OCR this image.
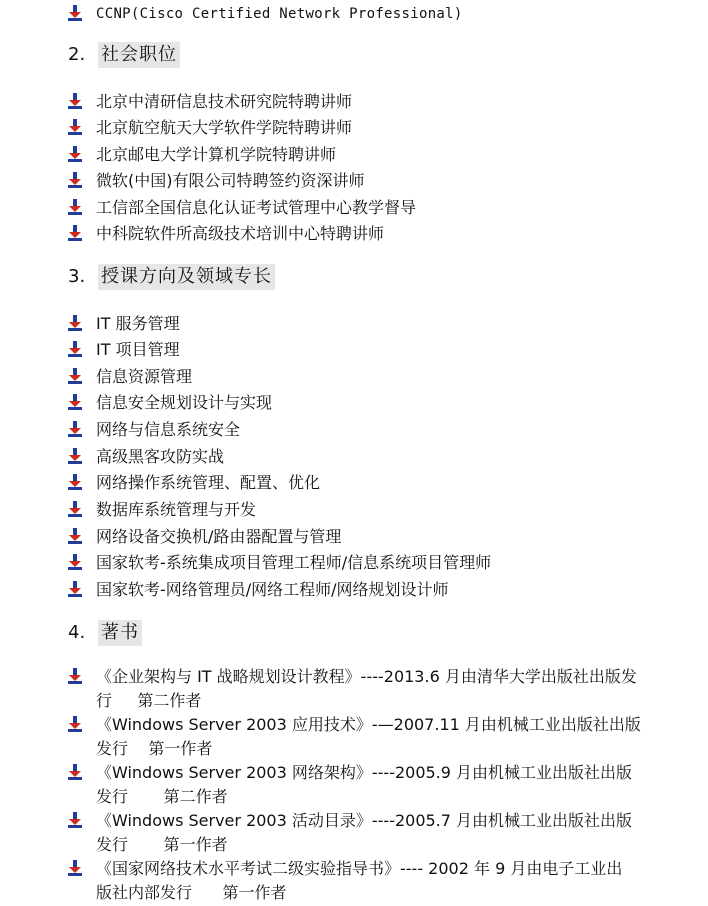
CCNP(Cisco Certified Network Professional)
2. 社会职位
北京中清研信息技术研究院特聘讲师
北京航空航天大学软件学院特聘讲师
北京邮电大学计算机学院特聘讲师
微软(中国)有限公司特聘签约资深讲师
工信部全国信息化认证考试管理中心教学督导
中科院软件所高级技术培训中心特聘讲师
3. 授课方向及领域专长
IT 服务管理
IT 项目管理
信息资源管理
信息安全规划设计与实现
网络与信息系统安全
高级黑客攻防实战
网络操作系统管理、配置、优化
数据库系统管理与开发
网络设备交换机/路由器配置与管理
国家软考-系统集成项目管理工程师/信息系统项目管理师
国家软考-网络管理员/网络工程师/网络规划设计师
4. 著书
《企业架构与 IT 战略规划设计教程》----2013.6 月由清华大学出版社出版发
行     第二作者
《Windows Server 2003 应用技术》-—2007.11 月由机械工业出版社出版
发行    第一作者
《Windows Server 2003 网络架构》----2005.9 月由机械工业出版社出版
发行       第二作者
《Windows Server 2003 活动目录》----2005.7 月由机械工业出版社出版
发行       第一作者
《国家网络技术水平考试二级实验指导书》---- 2002 年 9 月由电子工业出
版社内部发行      第一作者
